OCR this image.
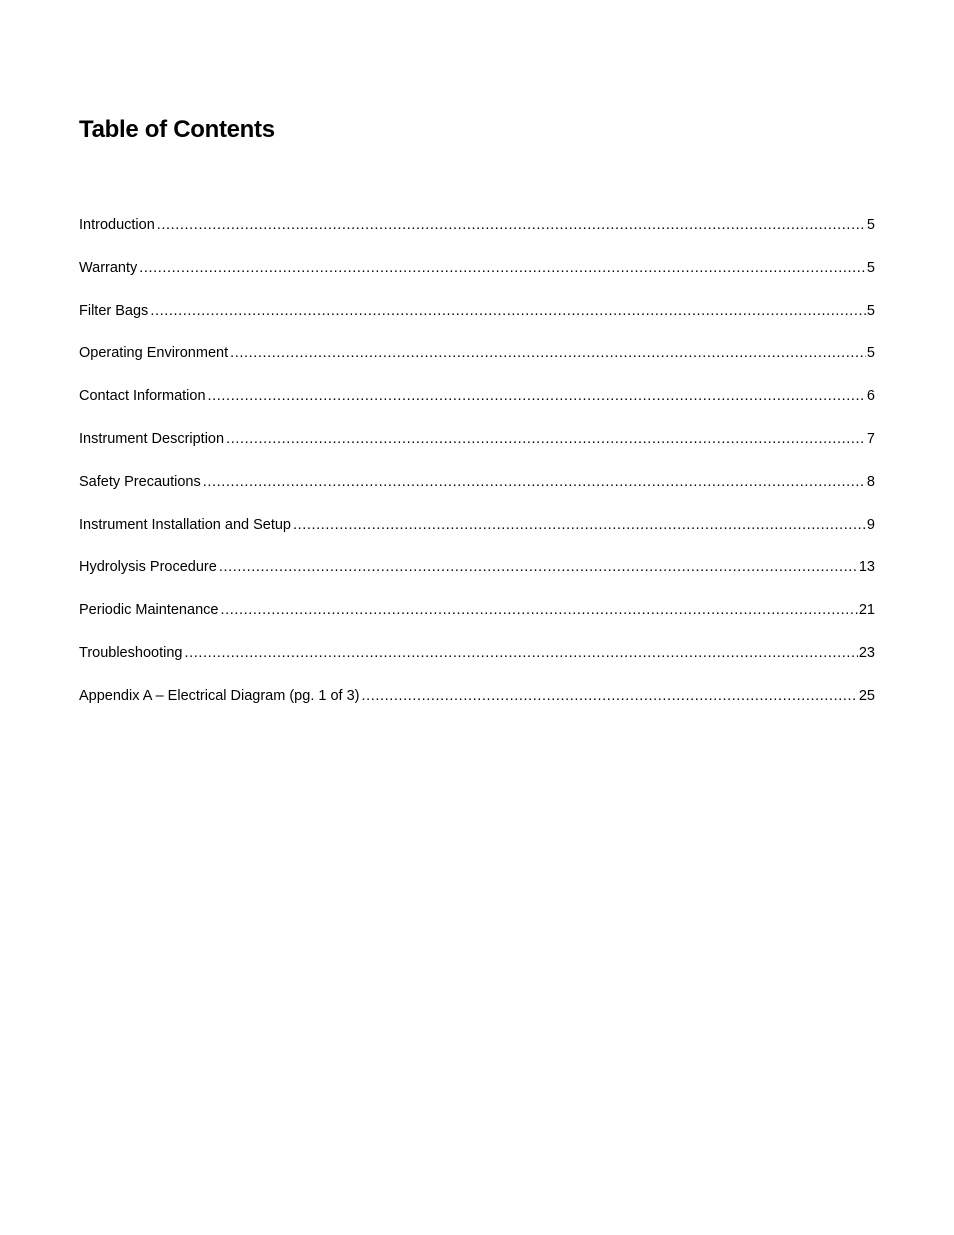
Table of Contents
Introduction .....	5
Warranty .....	5
Filter Bags .....	5
Operating Environment .....	5
Contact Information .....	6
Instrument Description .....	7
Safety Precautions .....	8
Instrument Installation and Setup .....	9
Hydrolysis Procedure .....	13
Periodic Maintenance .....	21
Troubleshooting .....	23
Appendix A – Electrical Diagram (pg. 1 of 3) .....	25
